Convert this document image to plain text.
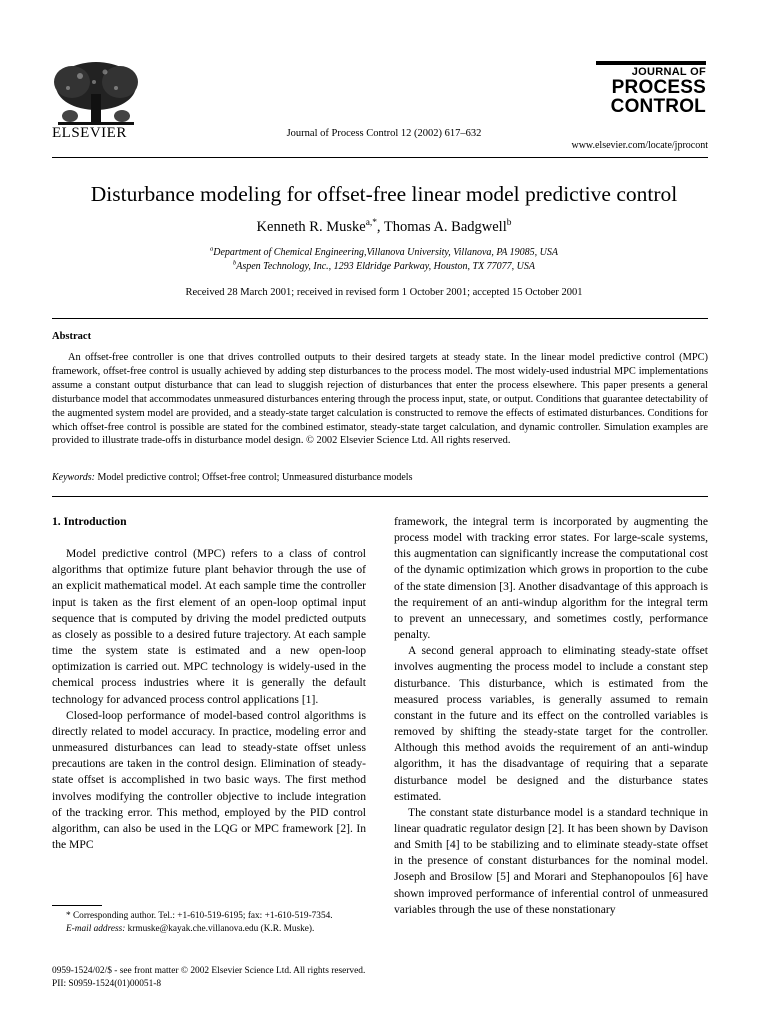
ELSEVIER	Journal of Process Control 12 (2002) 617–632
JOURNAL OF
PROCESS
CONTROL
www.elsevier.com/locate/jprocont
Disturbance modeling for offset-free linear model predictive control
Kenneth R. Muske$^{a,*}$, Thomas A. Badgwell$^b$
$^a$Department of Chemical Engineering,Villanova University, Villanova, PA 19085, USA
$^b$Aspen Technology, Inc., 1293 Eldridge Parkway, Houston, TX 77077, USA
Received 28 March 2001; received in revised form 1 October 2001; accepted 15 October 2001
Abstract
An offset-free controller is one that drives controlled outputs to their desired targets at steady state. In the linear model predictive control (MPC) framework, offset-free control is usually achieved by adding step disturbances to the process model. The most widely-used industrial MPC implementations assume a constant output disturbance that can lead to sluggish rejection of disturbances that enter the process elsewhere. This paper presents a general disturbance model that accommodates unmeasured disturbances entering through the process input, state, or output. Conditions that guarantee detectability of the augmented system model are provided, and a steady-state target calculation is constructed to remove the effects of estimated disturbances. Conditions for which offset-free control is possible are stated for the combined estimator, steady-state target calculation, and dynamic controller. Simulation examples are provided to illustrate trade-offs in disturbance model design. © 2002 Elsevier Science Ltd. All rights reserved.
Keywords: Model predictive control; Offset-free control; Unmeasured disturbance models
1. Introduction

Model predictive control (MPC) refers to a class of control algorithms that optimize future plant behavior through the use of an explicit mathematical model. At each sample time the controller input is taken as the first element of an open-loop optimal input sequence that is computed by driving the model predicted outputs as closely as possible to a desired future trajectory. At each sample time the system state is estimated and a new open-loop optimization is carried out. MPC technology is widely-used in the chemical process industries where it is generally the default technology for advanced process control applications [1].

Closed-loop performance of model-based control algorithms is directly related to model accuracy. In practice, modeling error and unmeasured disturbances can lead to steady-state offset unless precautions are taken in the control design. Elimination of steady-state offset is accomplished in two basic ways. The first method involves modifying the controller objective to include integration of the tracking error. This method, employed by the PID control algorithm, can also be used in the LQG or MPC framework [2]. In the MPC

framework, the integral term is incorporated by augmenting the process model with tracking error states. For large-scale systems, this augmentation can significantly increase the computational cost of the dynamic optimization which grows in proportion to the cube of the state dimension [3]. Another disadvantage of this approach is the requirement of an anti-windup algorithm for the integral term to prevent an unnecessary, and sometimes costly, performance penalty.

A second general approach to eliminating steady-state offset involves augmenting the process model to include a constant step disturbance. This disturbance, which is estimated from the measured process variables, is generally assumed to remain constant in the future and its effect on the controlled variables is removed by shifting the steady-state target for the controller. Although this method avoids the requirement of an anti-windup algorithm, it has the disadvantage of requiring that a separate disturbance model be designed and the disturbance states estimated.

The constant state disturbance model is a standard technique in linear quadratic regulator design [2]. It has been shown by Davison and Smith [4] to be stabilizing and to eliminate steady-state offset in the presence of constant disturbances for the nominal model. Joseph and Brosilow [5] and Morari and Stephanopoulos [6] have shown improved performance of inferential control of unmeasured variables through the use of these nonstationary

* Corresponding author. Tel.: +1-610-519-6195; fax: +1-610-519-7354.
E-mail address: krmuske@kayak.che.villanova.edu (K.R. Muske).
0959-1524/02/$ - see front matter © 2002 Elsevier Science Ltd. All rights reserved.
PII: S0959-1524(01)00051-8
